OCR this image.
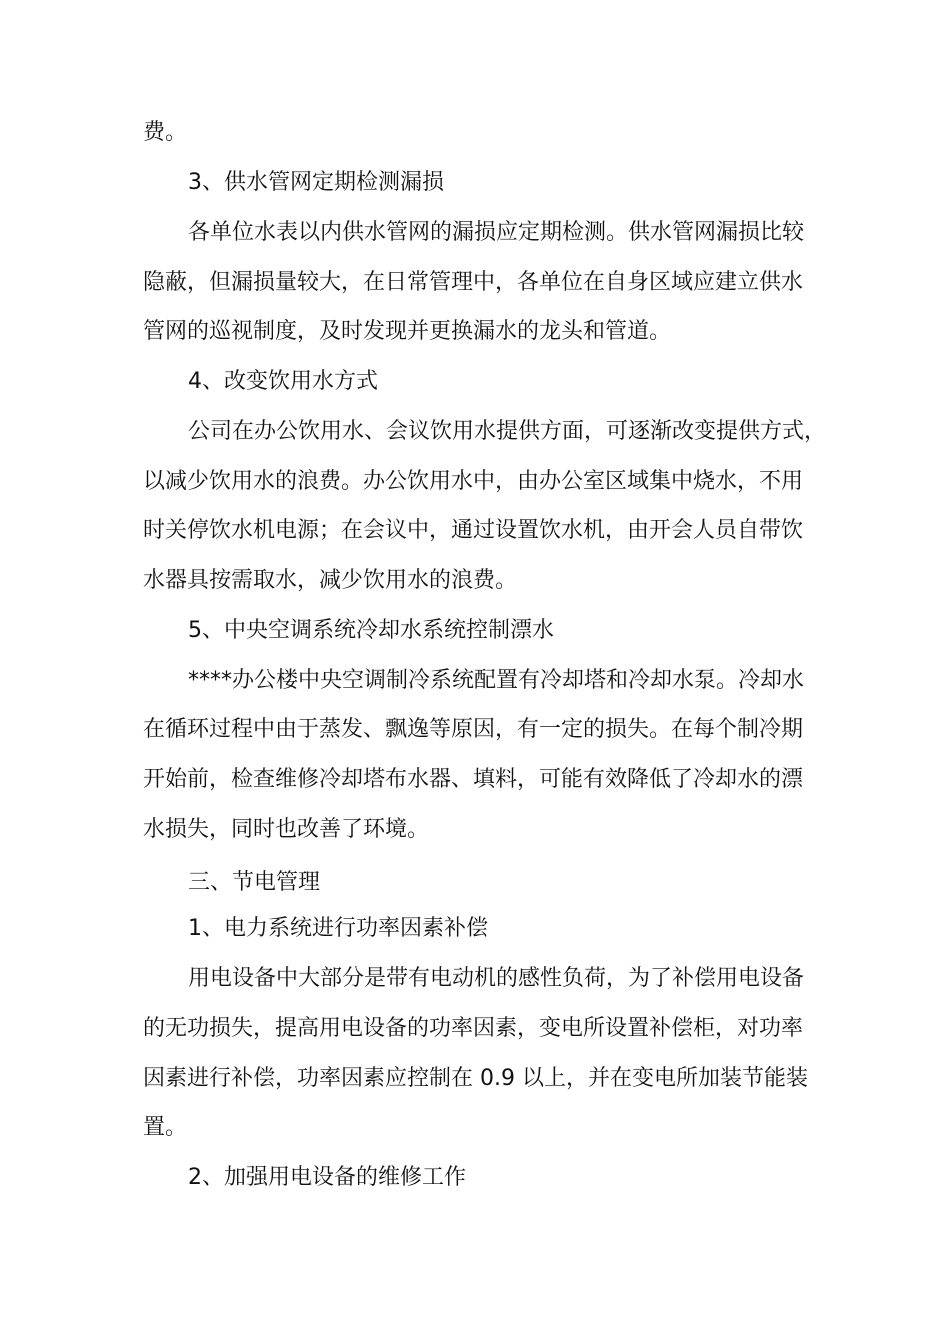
费。
3、供水管网定期检测漏损
各单位水表以内供水管网的漏损应定期检测。供水管网漏损比较
隐蔽，但漏损量较大，在日常管理中，各单位在自身区域应建立供水
管网的巡视制度，及时发现并更换漏水的龙头和管道。
4、改变饮用水方式
公司在办公饮用水、会议饮用水提供方面，可逐渐改变提供方式，
以减少饮用水的浪费。办公饮用水中，由办公室区域集中烧水，不用
时关停饮水机电源；在会议中，通过设置饮水机，由开会人员自带饮
水器具按需取水，减少饮用水的浪费。
5、中央空调系统冷却水系统控制漂水
****办公楼中央空调制冷系统配置有冷却塔和冷却水泵。冷却水
在循环过程中由于蒸发、飘逸等原因，有一定的损失。在每个制冷期
开始前，检查维修冷却塔布水器、填料，可能有效降低了冷却水的漂
水损失，同时也改善了环境。
三、节电管理
1、电力系统进行功率因素补偿
用电设备中大部分是带有电动机的感性负荷，为了补偿用电设备
的无功损失，提高用电设备的功率因素，变电所设置补偿柜，对功率
因素进行补偿，功率因素应控制在 0.9 以上，并在变电所加装节能装
置。
2、加强用电设备的维修工作
